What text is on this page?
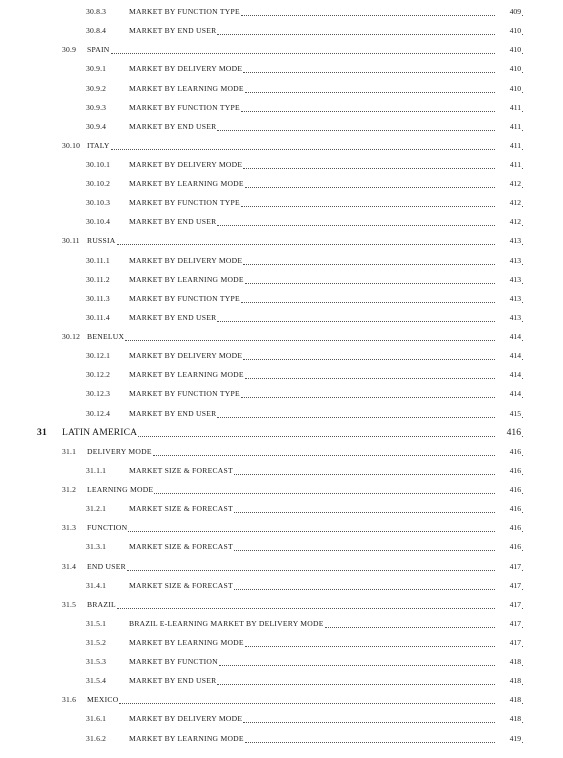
30.8.3	MARKET BY FUNCTION TYPE	409
30.8.4	MARKET BY END USER	410
30.9 SPAIN	410
30.9.1	MARKET BY DELIVERY MODE	410
30.9.2	MARKET BY LEARNING MODE	410
30.9.3	MARKET BY FUNCTION TYPE	411
30.9.4	MARKET BY END USER	411
30.10 ITALY	411
30.10.1 MARKET BY DELIVERY MODE	411
30.10.2 MARKET BY LEARNING MODE	412
30.10.3 MARKET BY FUNCTION TYPE	412
30.10.4 MARKET BY END USER	412
30.11 RUSSIA	413
30.11.1	MARKET BY DELIVERY MODE	413
30.11.2	MARKET BY LEARNING MODE	413
30.11.3	MARKET BY FUNCTION TYPE	413
30.11.4	MARKET BY END USER	413
30.12 BENELUX	414
30.12.1 MARKET BY DELIVERY MODE	414
30.12.2 MARKET BY LEARNING MODE	414
30.12.3 MARKET BY FUNCTION TYPE	414
30.12.4 MARKET BY END USER	415
31 LATIN AMERICA	416
31.1 DELIVERY MODE	416
31.1.1	MARKET SIZE & FORECAST	416
31.2 LEARNING MODE	416
31.2.1	MARKET SIZE & FORECAST	416
31.3 FUNCTION	416
31.3.1	MARKET SIZE & FORECAST	416
31.4 END USER	417
31.4.1	MARKET SIZE & FORECAST	417
31.5 BRAZIL	417
31.5.1	BRAZIL E-LEARNING MARKET BY DELIVERY MODE	417
31.5.2	MARKET BY LEARNING MODE	417
31.5.3	MARKET BY FUNCTION	418
31.5.4	MARKET BY END USER	418
31.6 MEXICO	418
31.6.1	MARKET BY DELIVERY MODE	418
31.6.2	MARKET BY LEARNING MODE	419
